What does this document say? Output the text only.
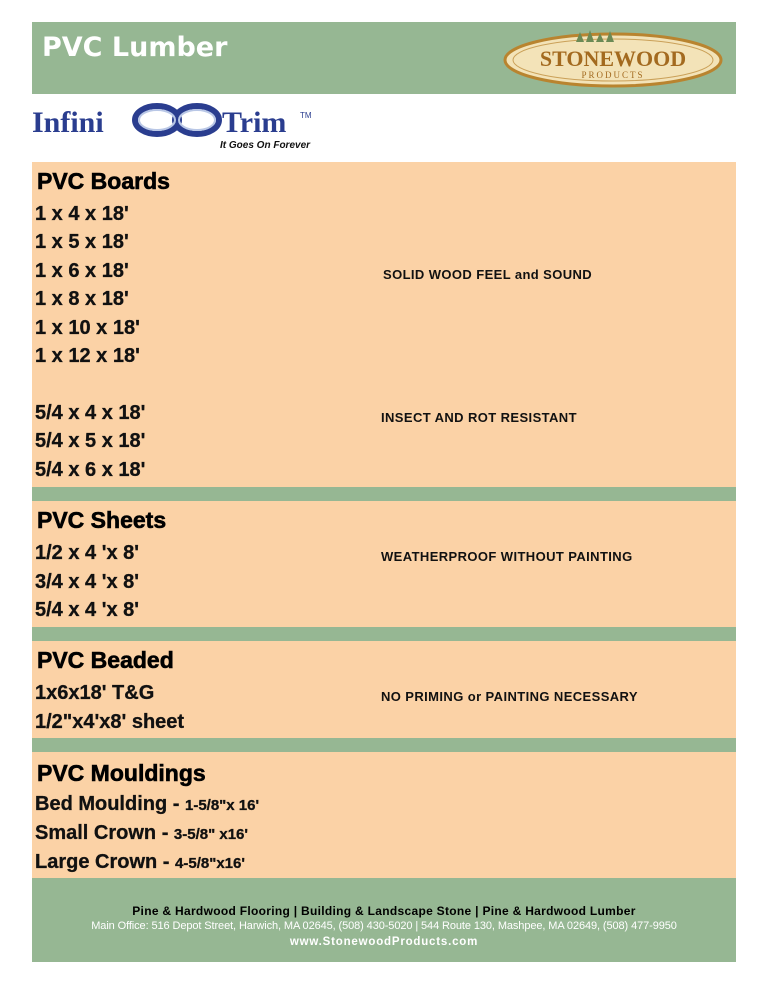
PVC Lumber	STONEWOOD
PRODUCTS
Infini	Trim TM
It Goes On Forever
PVC Boards
1 x 4 x 18'
1 x 5 x 18'
1 x 6 x 18'
1 x 8 x 18'
1 x 10 x 18'
1 x 12 x 18'
5/4 x 4 x 18'
5/4 x 5 x 18'
5/4 x 6 x 18'
SOLID WOOD FEEL and SOUND
INSECT AND ROT RESISTANT
PVC Sheets
1/2 x 4 'x 8'
3/4 x 4 'x 8'
5/4 x 4 'x 8'
WEATHERPROOF WITHOUT PAINTING
PVC Beaded
1x6x18' T&G
1/2"x4'x8' sheet
NO PRIMING or PAINTING NECESSARY
PVC Mouldings
Bed Moulding - 1-5/8"x 16'
Small Crown - 3-5/8" x16'
Large Crown - 4-5/8"x16'
Pine & Hardwood Flooring | Building & Landscape Stone | Pine & Hardwood Lumber
Main Office: 516 Depot Street, Harwich, MA 02645, (508) 430-5020 | 544 Route 130, Mashpee, MA 02649, (508) 477-9950
www.StonewoodProducts.com
